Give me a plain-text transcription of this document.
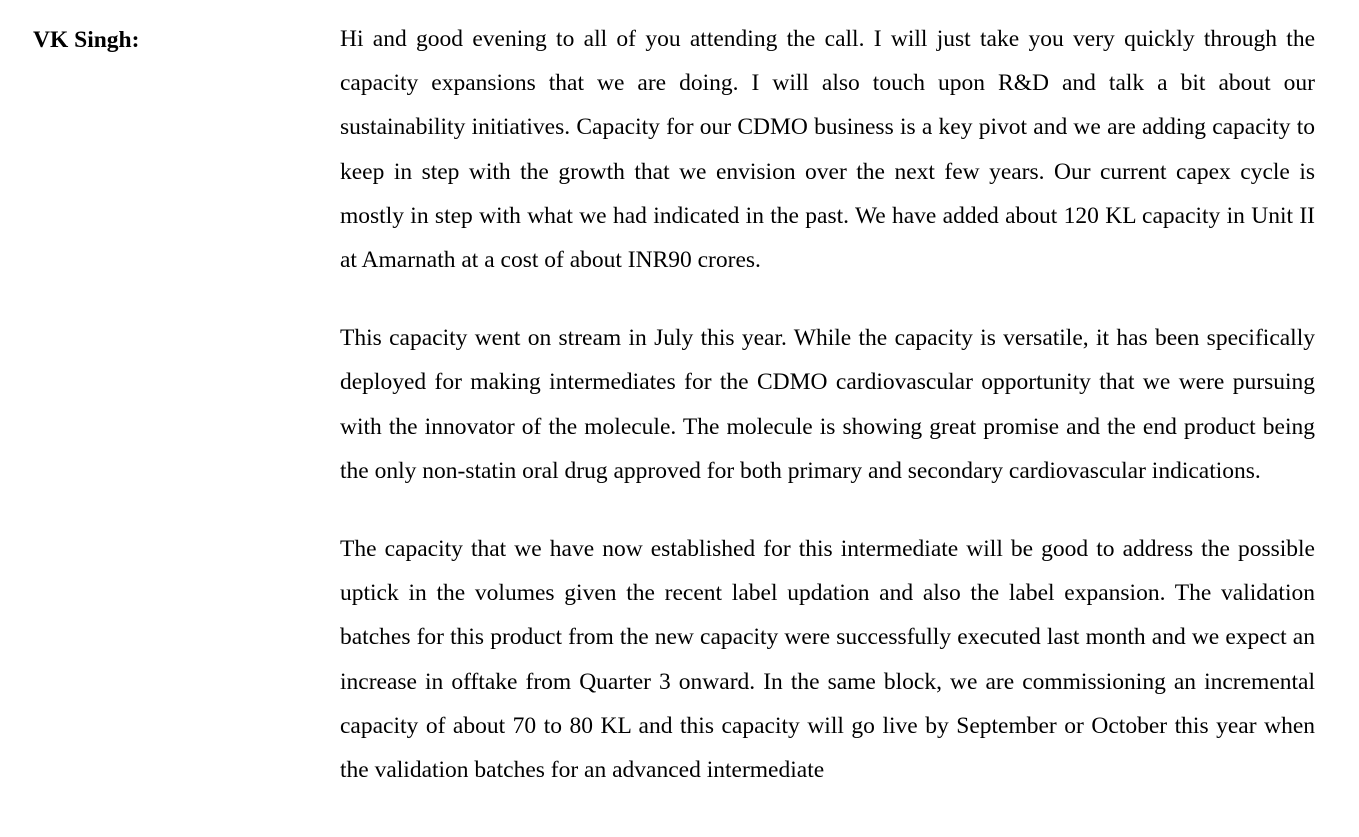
VK Singh:	Hi and good evening to all of you attending the call. I will just take you very quickly through the capacity expansions that we are doing. I will also touch upon R&D and talk a bit about our sustainability initiatives. Capacity for our CDMO business is a key pivot and we are adding capacity to keep in step with the growth that we envision over the next few years. Our current capex cycle is mostly in step with what we had indicated in the past. We have added about 120 KL capacity in Unit II at Amarnath at a cost of about INR90 crores.

This capacity went on stream in July this year. While the capacity is versatile, it has been specifically deployed for making intermediates for the CDMO cardiovascular opportunity that we were pursuing with the innovator of the molecule. The molecule is showing great promise and the end product being the only non-statin oral drug approved for both primary and secondary cardiovascular indications.

The capacity that we have now established for this intermediate will be good to address the possible uptick in the volumes given the recent label updation and also the label expansion. The validation batches for this product from the new capacity were successfully executed last month and we expect an increase in offtake from Quarter 3 onward. In the same block, we are commissioning an incremental capacity of about 70 to 80 KL and this capacity will go live by September or October this year when the validation batches for an advanced intermediate
